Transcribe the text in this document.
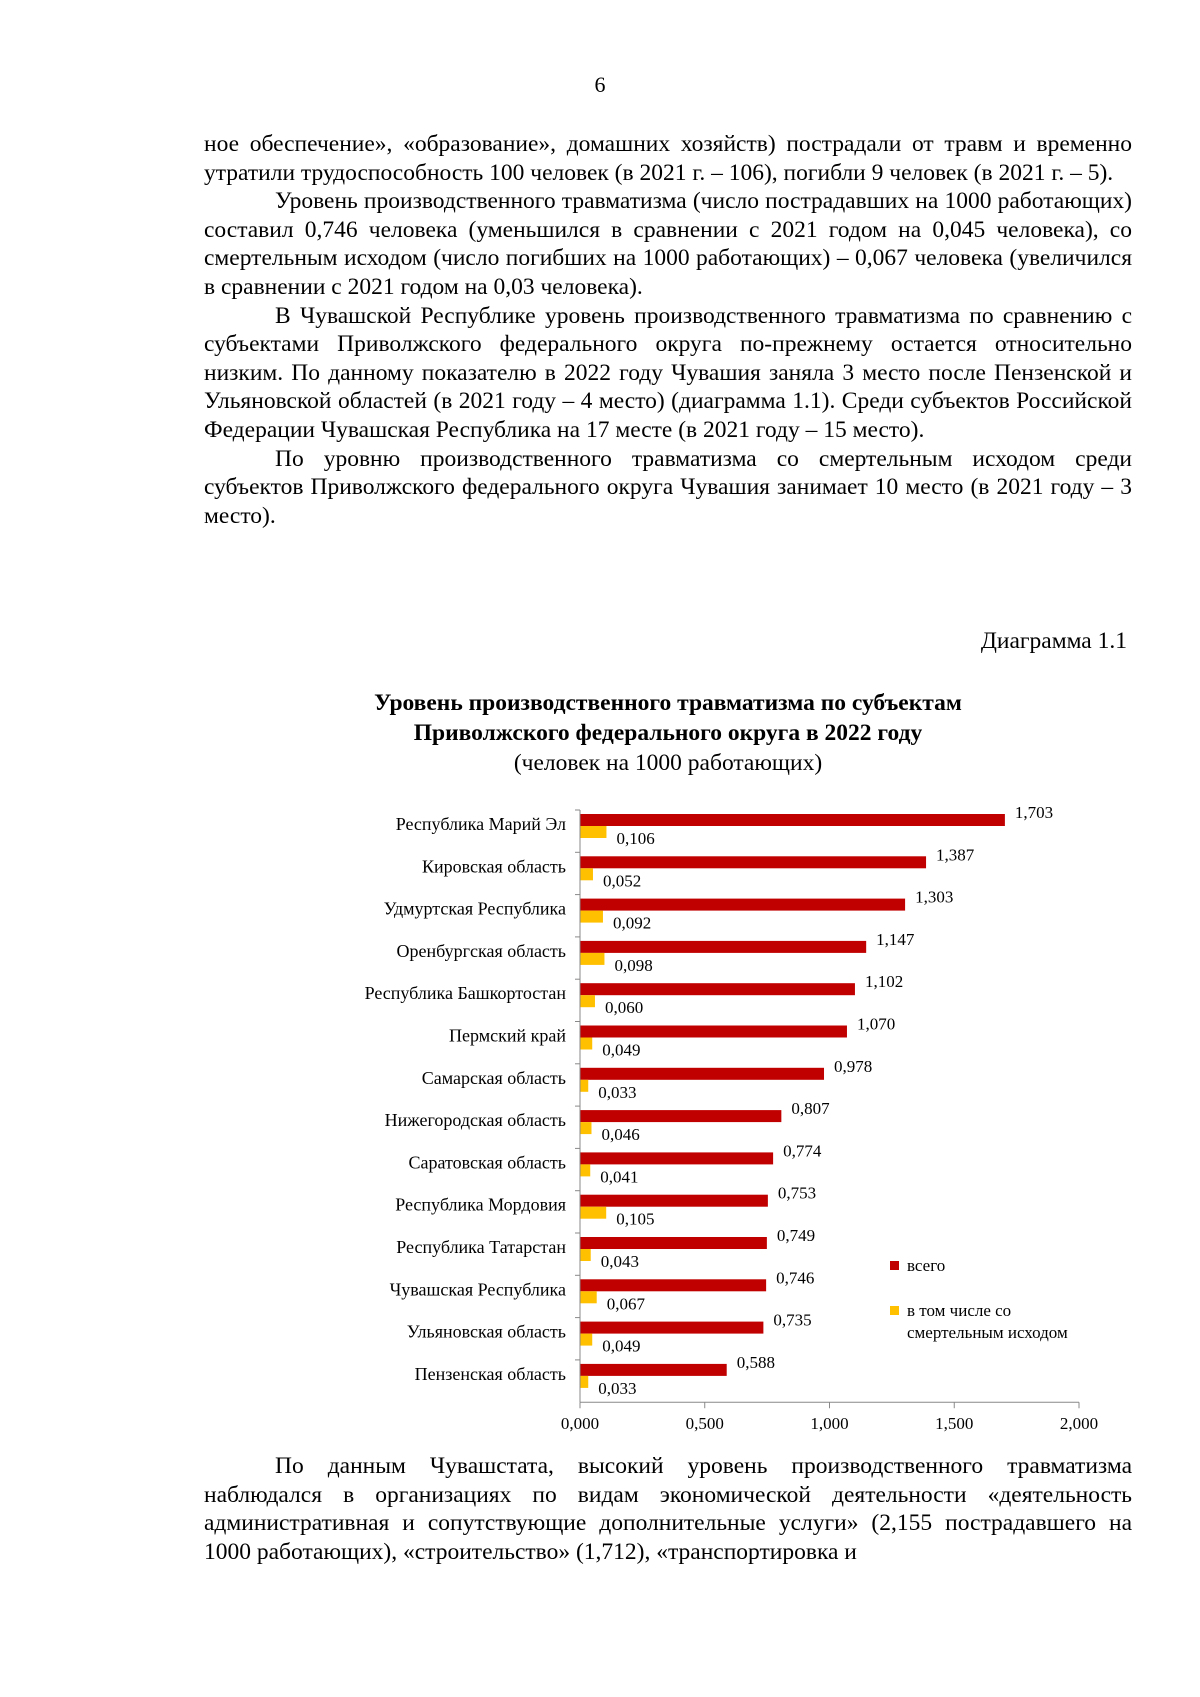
6

ное обеспечение», «образование», домашних хозяйств) пострадали от травм и временно утратили трудоспособность 100 человек (в 2021 г. – 106), погибли 9 человек (в 2021 г. – 5).

Уровень производственного травматизма (число пострадавших на 1000 работающих) составил 0,746 человека (уменьшился в сравнении с 2021 годом на 0,045 человека), со смертельным исходом (число погибших на 1000 работающих) – 0,067 человека (увеличился в сравнении с 2021 годом на 0,03 человека).

В Чувашской Республике уровень производственного травматизма по сравнению с субъектами Приволжского федерального округа по-прежнему остается относительно низким. По данному показателю в 2022 году Чувашия заняла 3 место после Пензенской и Ульяновской областей (в 2021 году – 4 место) (диаграмма 1.1). Среди субъектов Российской Федерации Чувашская Республика на 17 месте (в 2021 году – 15 место).

По уровню производственного травматизма со смертельным исходом среди субъектов Приволжского федерального округа Чувашия занимает 10 место (в 2021 году – 3 место).

Диаграмма 1.1
Уровень производственного травматизма по субъектам
Приволжского федерального округа в 2022 году
(человек на 1000 работающих)
Республика Марий Эл
1,703
0,106
Кировская область
1,387
0,052
Удмуртская Республика
1,303
0,092
Оренбургская область
1,147
0,098
Республика Башкортостан
1,102
0,060
Пермский край
1,070
0,049
Самарская область
0,978
0,033
Нижегородская область
0,807
0,046
Саратовская область
0,774
0,041
Республика Мордовия
0,753
0,105
Республика Татарстан
0,749
0,043
Чувашская Республика
0,746
0,067
Ульяновская область
0,735
0,049
Пензенская область
0,588
0,033
0,000	0,500	1,000	1,500	2,000
всего
в том числе со
смертельным исходом

По данным Чувашстата, высокий уровень производственного травматизма наблюдался в организациях по видам экономической деятельности «деятельность административная и сопутствующие дополнительные услуги» (2,155 пострадавшего на 1000 работающих), «строительство» (1,712), «транспортировка и
